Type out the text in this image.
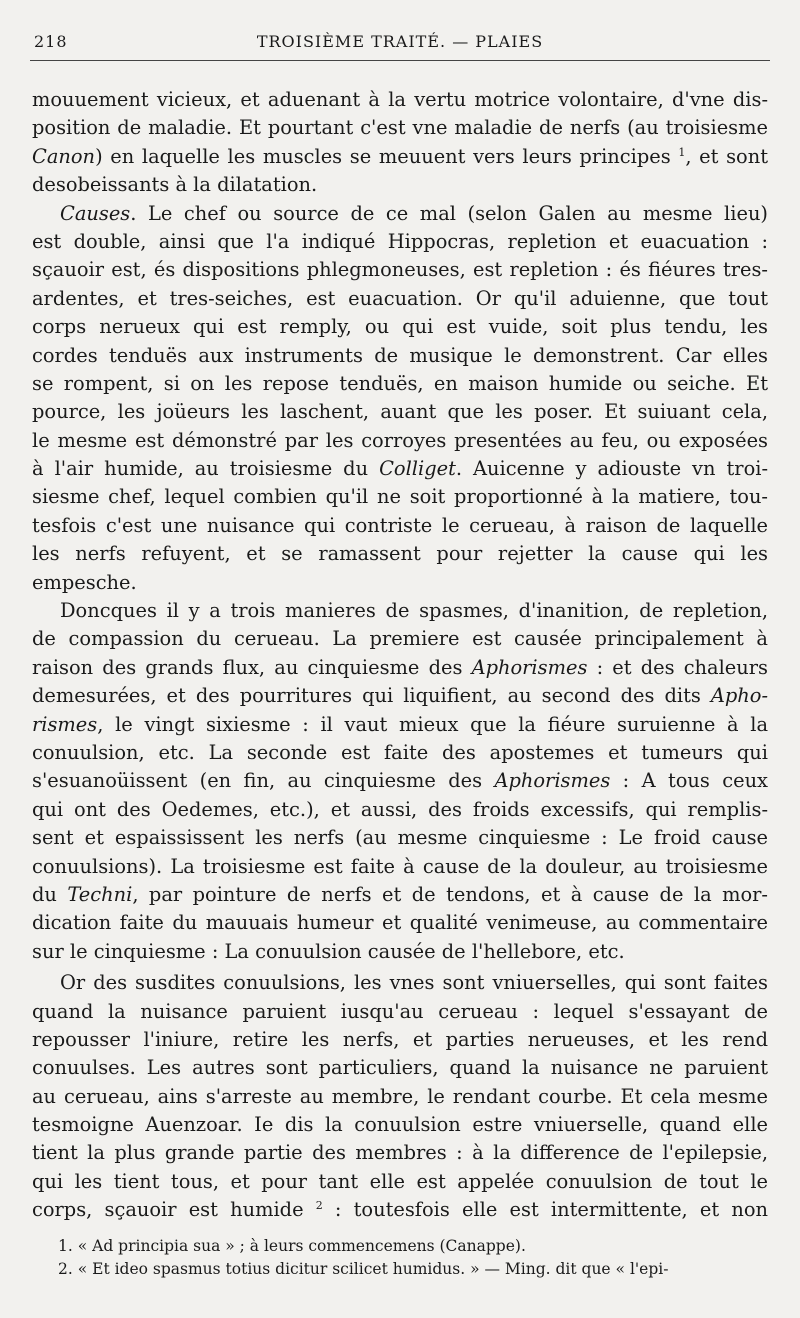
218	TROISIÈME TRAITÉ. — PLAIES
mouuement vicieux, et aduenant à la vertu motrice volontaire, d'vne dis-
position de maladie. Et pourtant c'est vne maladie de nerfs (au troisiesme
Canon) en laquelle les muscles se meuuent vers leurs principes $^1$, et sont
desobeissants à la dilatation.
Causes. Le chef ou source de ce mal (selon Galen au mesme lieu)
est double, ainsi que l'a indiqué Hippocras, repletion et euacuation :
sçauoir est, és dispositions phlegmoneuses, est repletion : és fiéures tres-
ardentes, et tres-seiches, est euacuation. Or qu'il aduienne, que tout
corps nerueux qui est remply, ou qui est vuide, soit plus tendu, les
cordes tenduës aux instruments de musique le demonstrent. Car elles
se rompent, si on les repose tenduës, en maison humide ou seiche. Et
pource, les joüeurs les laschent, auant que les poser. Et suiuant cela,
le mesme est démonstré par les corroyes presentées au feu, ou exposées
à l'air humide, au troisiesme du Colliget. Auicenne y adiouste vn troi-
siesme chef, lequel combien qu'il ne soit proportionné à la matiere, tou-
tesfois c'est une nuisance qui contriste le cerueau, à raison de laquelle
les nerfs refuyent, et se ramassent pour rejetter la cause qui les
empesche.
Doncques il y a trois manieres de spasmes, d'inanition, de repletion,
de compassion du cerueau. La premiere est causée principalement à
raison des grands flux, au cinquiesme des Aphorismes : et des chaleurs
demesurées, et des pourritures qui liquifient, au second des dits Apho-
rismes, le vingt sixiesme : il vaut mieux que la fiéure suruienne à la
conuulsion, etc. La seconde est faite des apostemes et tumeurs qui
s'esuanoüissent (en fin, au cinquiesme des Aphorismes : A tous ceux
qui ont des Oedemes, etc.), et aussi, des froids excessifs, qui remplis-
sent et espaississent les nerfs (au mesme cinquiesme : Le froid cause
conuulsions). La troisiesme est faite à cause de la douleur, au troisiesme
du Techni, par pointure de nerfs et de tendons, et à cause de la mor-
dication faite du mauuais humeur et qualité venimeuse, au commentaire
sur le cinquiesme : La conuulsion causée de l'hellebore, etc.
Or des susdites conuulsions, les vnes sont vniuerselles, qui sont faites
quand la nuisance paruient iusqu'au cerueau : lequel s'essayant de
repousser l'iniure, retire les nerfs, et parties nerueuses, et les rend
conuulses. Les autres sont particuliers, quand la nuisance ne paruient
au cerueau, ains s'arreste au membre, le rendant courbe. Et cela mesme
tesmoigne Auenzoar. Ie dis la conuulsion estre vniuerselle, quand elle
tient la plus grande partie des membres : à la difference de l'epilepsie,
qui les tient tous, et pour tant elle est appelée conuulsion de tout le
corps, sçauoir est humide $^2$ : toutesfois elle est intermittente, et non
1. « Ad principia sua » ; à leurs commencemens (Canappe).
2. « Et ideo spasmus totius dicitur scilicet humidus. » — Ming. dit que « l'epi-
